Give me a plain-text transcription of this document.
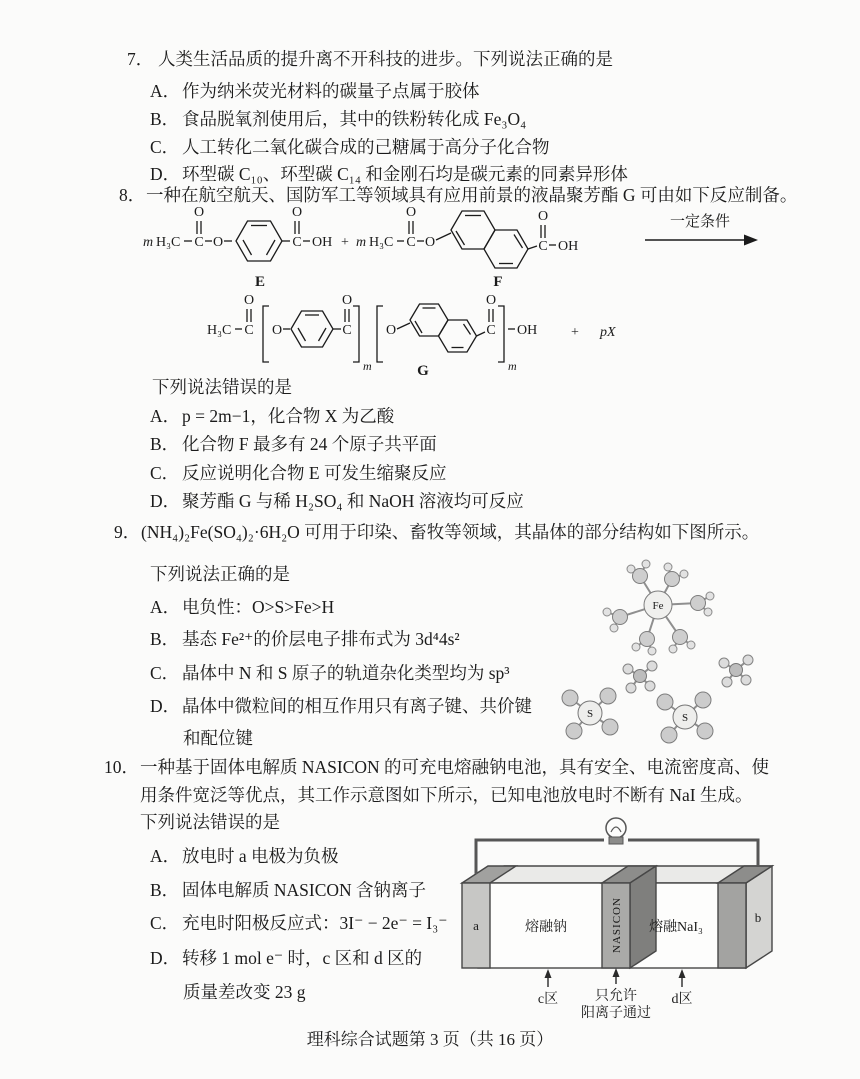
7． 人类生活品质的提升离不开科技的进步。下列说法正确的是
A． 作为纳米荧光材料的碳量子点属于胶体
B． 食品脱氧剂使用后，其中的铁粉转化成 Fe₃O₄
C． 人工转化二氧化碳合成的己糖属于高分子化合物
D． 环型碳 C₁₀、环型碳 C₁₄ 和金刚石均是碳元素的同素异形体
8． 一种在航空航天、国防军工等领域具有应用前景的液晶聚芳酯 G 可由如下反应制备。
m H₃C C
O
O	C
O
OH
E
+ m H₃C C
O
O	C
O
OH
F
一定条件
H₃C C
O
O	C
O
m
O	C
O
m
OH
G
+ pX
下列说法错误的是
A． p = 2m−1，化合物 X 为乙酸
B． 化合物 F 最多有 24 个原子共平面
C． 反应说明化合物 E 可发生缩聚反应
D． 聚芳酯 G 与稀 H₂SO₄ 和 NaOH 溶液均可反应
9． (NH₄)₂Fe(SO₄)₂·6H₂O 可用于印染、畜牧等领域，其晶体的部分结构如下图所示。
下列说法正确的是
A． 电负性：O>S>Fe>H
B． 基态 Fe²⁺的价层电子排布式为 3d⁴4s²
C． 晶体中 N 和 S 原子的轨道杂化类型均为 sp³
D． 晶体中微粒间的相互作用只有离子键、共价键
和配位键
Fe
S	S
10． 一种基于固体电解质 NASICON 的可充电熔融钠电池，具有安全、电流密度高、使
用条件宽泛等优点，其工作示意图如下所示，已知电池放电时不断有 NaI 生成。
下列说法错误的是
A． 放电时 a 电极为负极
B． 固体电解质 NASICON 含钠离子
C． 充电时阳极反应式：3I⁻ − 2e⁻ = I₃⁻
D． 转移 1 mol e⁻ 时，c 区和 d 区的
质量差改变 23 g
NASICON
a
b
熔融钠	熔融NaI₃
c区	只允许
阳离子通过
d区
理科综合试题第 3 页（共 16 页）
